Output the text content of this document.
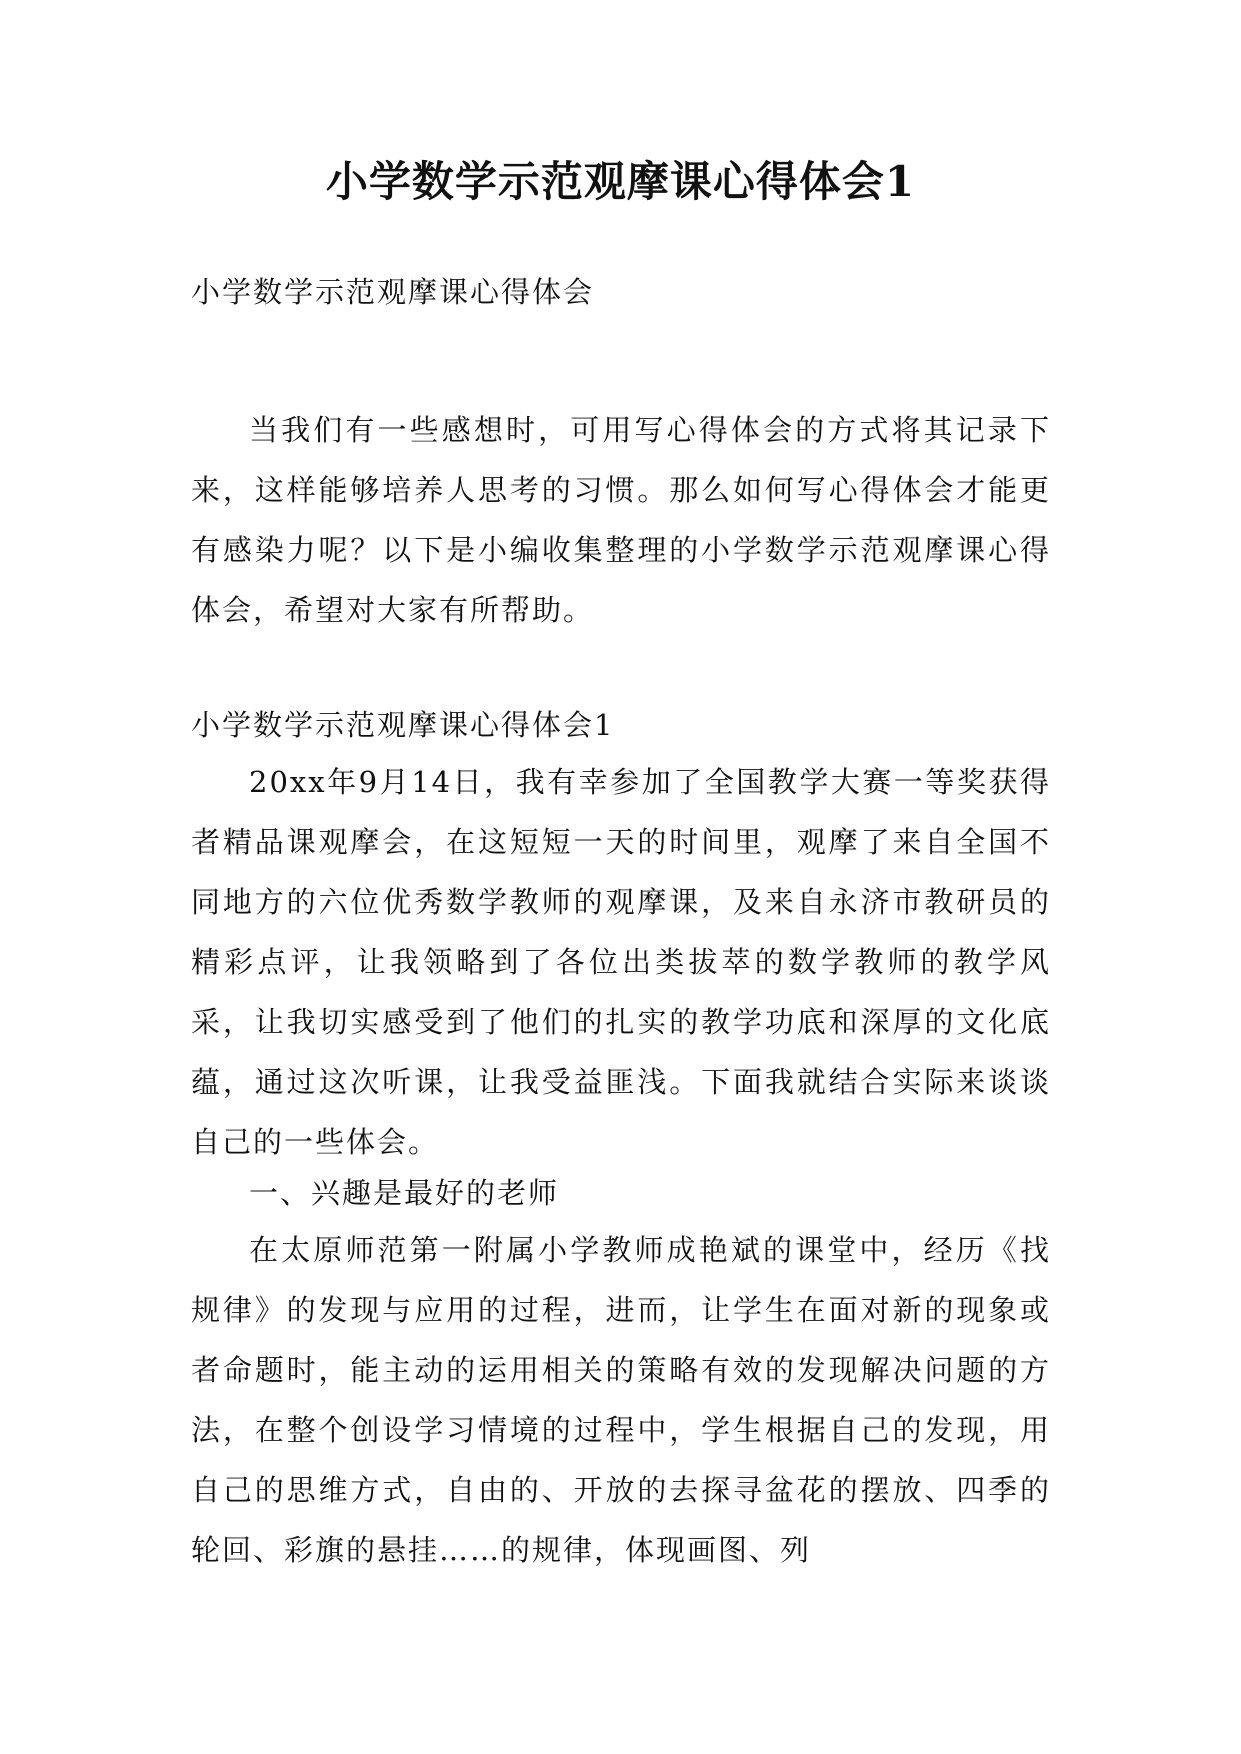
小学数学示范观摩课心得体会1
小学数学示范观摩课心得体会
当我们有一些感想时，可用写心得体会的方式将其记录下来，这样能够培养人思考的习惯。那么如何写心得体会才能更有感染力呢？以下是小编收集整理的小学数学示范观摩课心得体会，希望对大家有所帮助。
小学数学示范观摩课心得体会1
20xx年9月14日，我有幸参加了全国教学大赛一等奖获得者精品课观摩会，在这短短一天的时间里，观摩了来自全国不同地方的六位优秀数学教师的观摩课，及来自永济市教研员的精彩点评，让我领略到了各位出类拔萃的数学教师的教学风采，让我切实感受到了他们的扎实的教学功底和深厚的文化底蕴，通过这次听课，让我受益匪浅。下面我就结合实际来谈谈自己的一些体会。
一、兴趣是最好的老师
在太原师范第一附属小学教师成艳斌的课堂中，经历《找规律》的发现与应用的过程，进而，让学生在面对新的现象或者命题时，能主动的运用相关的策略有效的发现解决问题的方法，在整个创设学习情境的过程中，学生根据自己的发现，用自己的思维方式，自由的、开放的去探寻盆花的摆放、四季的轮回、彩旗的悬挂……的规律，体现画图、列
